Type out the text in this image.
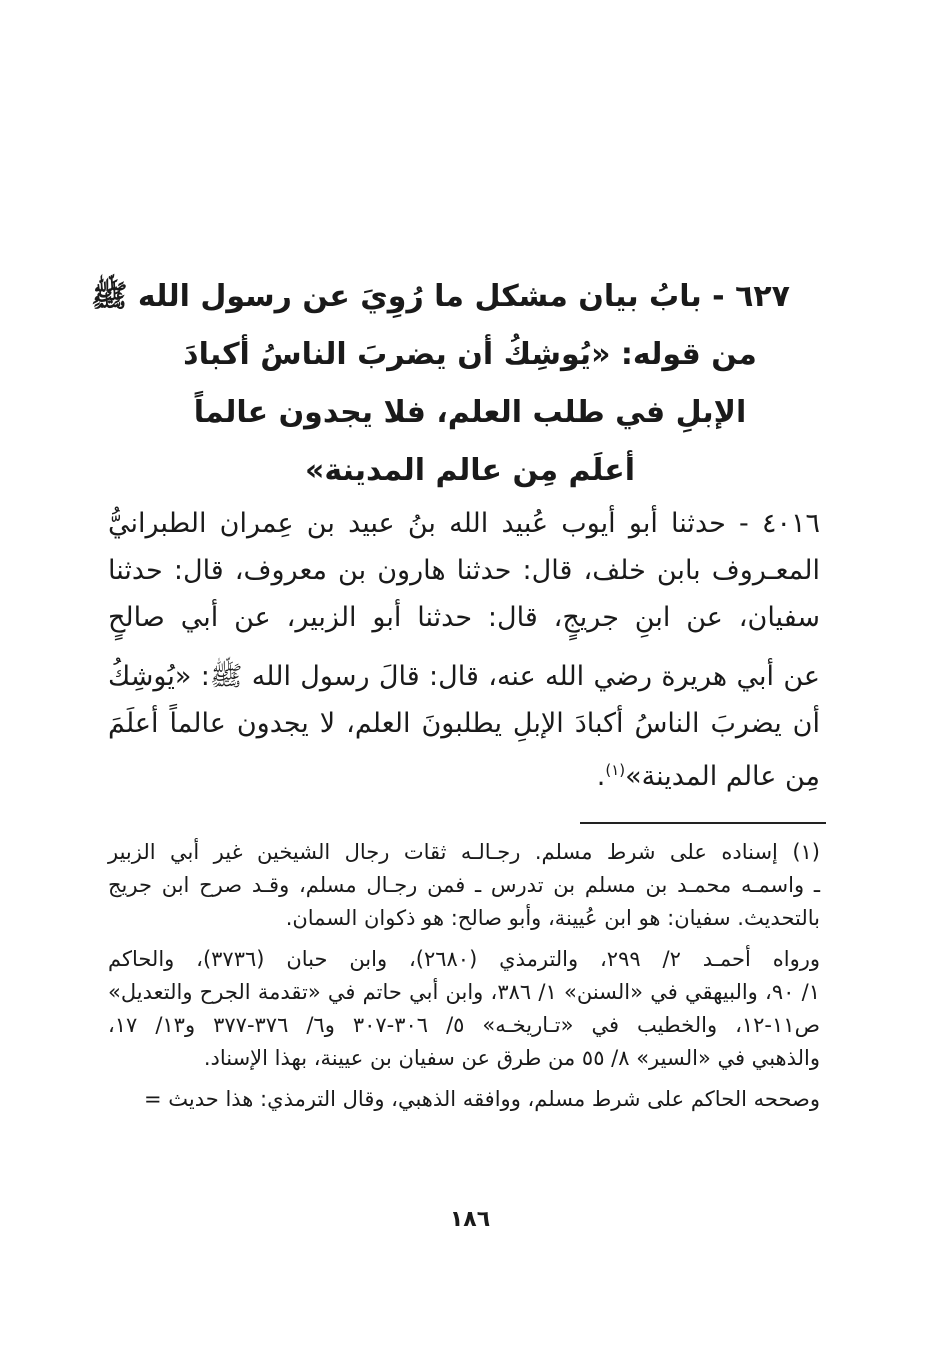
٦٢٧ - بابُ بيان مشكل ما رُوِيَ عن رسول الله ﷺ
من قوله: «يُوشِكُ أن يضربَ الناسُ أكبادَ
الإبلِ في طلب العلم، فلا يجدون عالماً
أعلَم مِن عالم المدينة»
٤٠١٦ - حدثنا أبو أيوب عُبيد الله بنُ عبيد بن عِمران الطبرانيُّ
المعـروف بابن خلف، قال: حدثنا هارون بن معروف، قال: حدثنا
سفيان، عن ابنِ جريجٍ، قال: حدثنا أبو الزبير، عن أبي صالحٍ
عن أبي هريرة رضي الله عنه، قال: قالَ رسول الله ﷺ: «يُوشِكُ
أن يضربَ الناسُ أكبادَ الإبلِ يطلبونَ العلم، لا يجدون عالماً أعلَمَ
مِن عالم المدينة»$^{(١)}$.
(١) إسناده على شرط مسلم. رجـالـه ثقات رجال الشيخين غير أبي الزبير
ـ واسمـه محمـد بن مسلم بن تدرس ـ فمن رجـال مسلم، وقـد صرح ابن جريج
بالتحديث. سفيان: هو ابن عُيينة، وأبو صالح: هو ذكوان السمان.
ورواه أحمـد ٢/ ٢٩٩، والترمذي (٢٦٨٠)، وابن حبان (٣٧٣٦)، والحاكم
١/ ٩٠، والبيهقي في «السنن» ١/ ٣٨٦، وابن أبي حاتم في «تقدمة الجرح والتعديل»
ص١١-١٢، والخطيب في «تـاريخـه» ٥/ ٣٠٦-٣٠٧ و٦/ ٣٧٦-٣٧٧ و١٣/ ١٧،
والذهبي في «السير» ٨/ ٥٥ من طرق عن سفيان بن عيينة، بهذا الإسناد.
وصححه الحاكم على شرط مسلم، ووافقه الذهبي، وقال الترمذي: هذا حديث =
١٨٦
